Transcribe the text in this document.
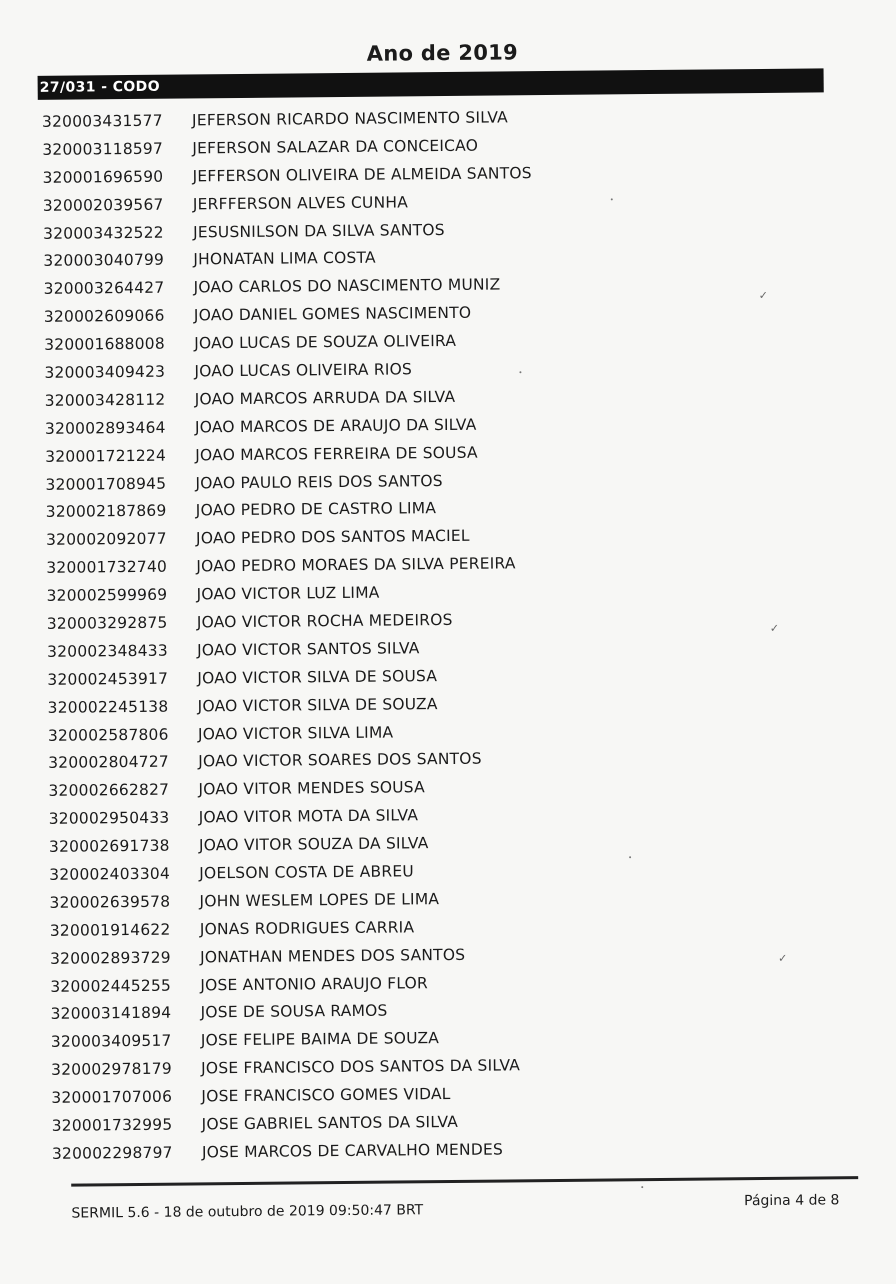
Ano de 2019
27/031 - CODO
320003431577	JEFERSON RICARDO NASCIMENTO SILVA
320003118597	JEFERSON SALAZAR DA CONCEICAO
320001696590	JEFFERSON OLIVEIRA DE ALMEIDA SANTOS
320002039567	JERFFERSON ALVES CUNHA
320003432522	JESUSNILSON DA SILVA SANTOS
320003040799	JHONATAN LIMA COSTA
320003264427	JOAO CARLOS DO NASCIMENTO MUNIZ
320002609066	JOAO DANIEL GOMES NASCIMENTO
320001688008	JOAO LUCAS DE SOUZA OLIVEIRA
320003409423	JOAO LUCAS OLIVEIRA RIOS
320003428112	JOAO MARCOS ARRUDA DA SILVA
320002893464	JOAO MARCOS DE ARAUJO DA SILVA
320001721224	JOAO MARCOS FERREIRA DE SOUSA
320001708945	JOAO PAULO REIS DOS SANTOS
320002187869	JOAO PEDRO DE CASTRO LIMA
320002092077	JOAO PEDRO DOS SANTOS MACIEL
320001732740	JOAO PEDRO MORAES DA SILVA PEREIRA
320002599969	JOAO VICTOR LUZ LIMA
320003292875	JOAO VICTOR ROCHA MEDEIROS
320002348433	JOAO VICTOR SANTOS SILVA
320002453917	JOAO VICTOR SILVA DE SOUSA
320002245138	JOAO VICTOR SILVA DE SOUZA
320002587806	JOAO VICTOR SILVA LIMA
320002804727	JOAO VICTOR SOARES DOS SANTOS
320002662827	JOAO VITOR MENDES SOUSA
320002950433	JOAO VITOR MOTA DA SILVA
320002691738	JOAO VITOR SOUZA DA SILVA
320002403304	JOELSON COSTA DE ABREU
320002639578	JOHN WESLEM LOPES DE LIMA
320001914622	JONAS RODRIGUES CARRIA
320002893729	JONATHAN MENDES DOS SANTOS
320002445255	JOSE ANTONIO ARAUJO FLOR
320003141894	JOSE DE SOUSA RAMOS
320003409517	JOSE FELIPE BAIMA DE SOUZA
320002978179	JOSE FRANCISCO DOS SANTOS DA SILVA
320001707006	JOSE FRANCISCO GOMES VIDAL
320001732995	JOSE GABRIEL SANTOS DA SILVA
320002298797	JOSE MARCOS DE CARVALHO MENDES
SERMIL 5.6 - 18 de outubro de 2019 09:50:47 BRT
Página 4 de 8
✓
✓
✓
